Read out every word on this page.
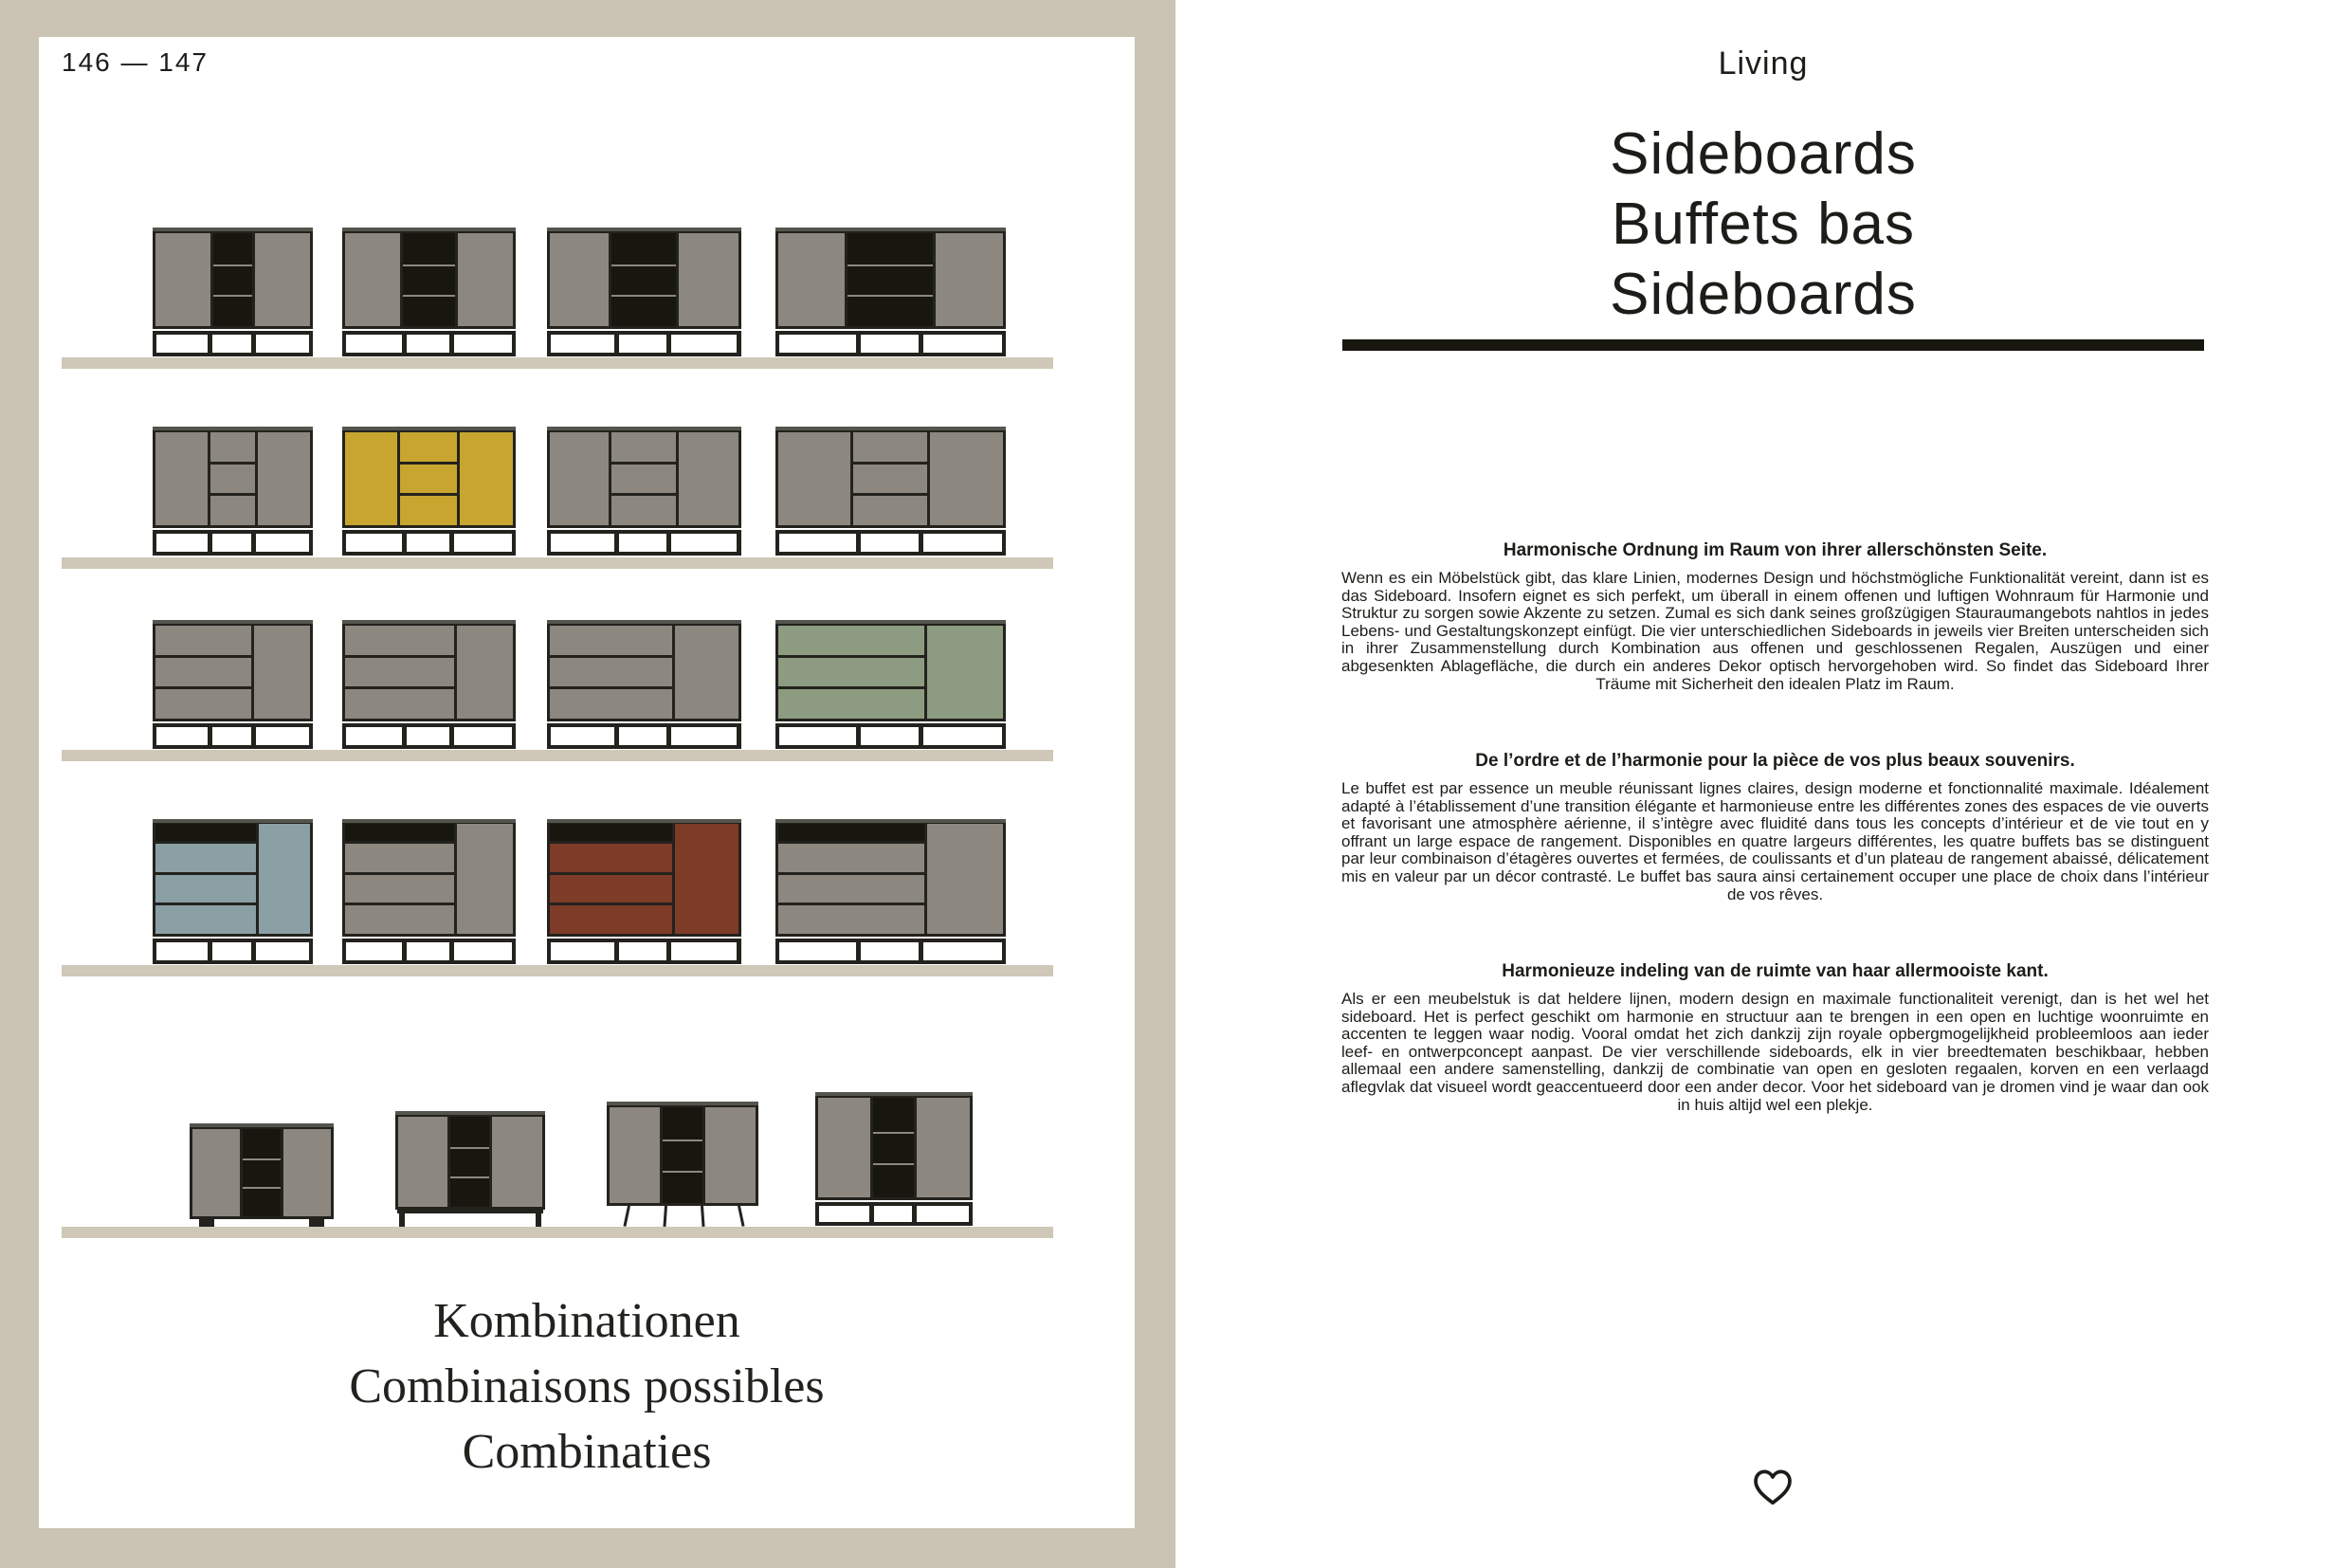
146 — 147
Kombinationen
Combinaisons possibles
Combinaties
Living
Sideboards
Buffets bas
Sideboards

Harmonische Ordnung im Raum von ihrer allerschönsten Seite.

Wenn es ein Möbelstück gibt, das klare Linien, modernes Design und höchstmögliche Funktionalität vereint, dann ist es das Sideboard. Insofern eignet es sich perfekt, um überall in einem offenen und luftigen Wohnraum für Harmonie und Struktur zu sorgen sowie Akzente zu setzen. Zumal es sich dank seines großzügigen Stauraumangebots nahtlos in jedes Lebens- und Gestaltungskonzept einfügt. Die vier unterschiedlichen Sideboards in jeweils vier Breiten unterscheiden sich in ihrer Zusammenstellung durch Kombination aus offenen und geschlossenen Regalen, Auszügen und einer abgesenkten Ablagefläche, die durch ein anderes Dekor optisch hervorgehoben wird. So findet das Sideboard Ihrer Träume mit Sicherheit den idealen Platz im Raum.

De l’ordre et de l’harmonie pour la pièce de vos plus beaux souvenirs.

Le buffet est par essence un meuble réunissant lignes claires, design moderne et fonctionnalité maximale. Idéalement adapté à l’établissement d’une transition élégante et harmonieuse entre les différentes zones des espaces de vie ouverts et favorisant une atmosphère aérienne, il s’intègre avec fluidité dans tous les concepts d’intérieur et de vie tout en y offrant un large espace de rangement. Disponibles en quatre largeurs différentes, les quatre buffets bas se distinguent par leur combinaison d’étagères ouvertes et fermées, de coulissants et d’un plateau de rangement abaissé, délicatement mis en valeur par un décor contrasté. Le buffet bas saura ainsi certainement occuper une place de choix dans l’intérieur de vos rêves.

Harmonieuze indeling van de ruimte van haar allermooiste kant.

Als er een meubelstuk is dat heldere lijnen, modern design en maximale functionaliteit verenigt, dan is het wel het sideboard. Het is perfect geschikt om harmonie en structuur aan te brengen in een open en luchtige woonruimte en accenten te leggen waar nodig. Vooral omdat het zich dankzij zijn royale opbergmogelijkheid probleemloos aan ieder leef- en ontwerpconcept aanpast. De vier verschillende sideboards, elk in vier breedtematen beschikbaar, hebben allemaal een andere samenstelling, dankzij de combinatie van open en gesloten regaalen, korven en een verlaagd aflegvlak dat visueel wordt geaccentueerd door een ander decor. Voor het sideboard van je dromen vind je waar dan ook in huis altijd wel een plekje.
